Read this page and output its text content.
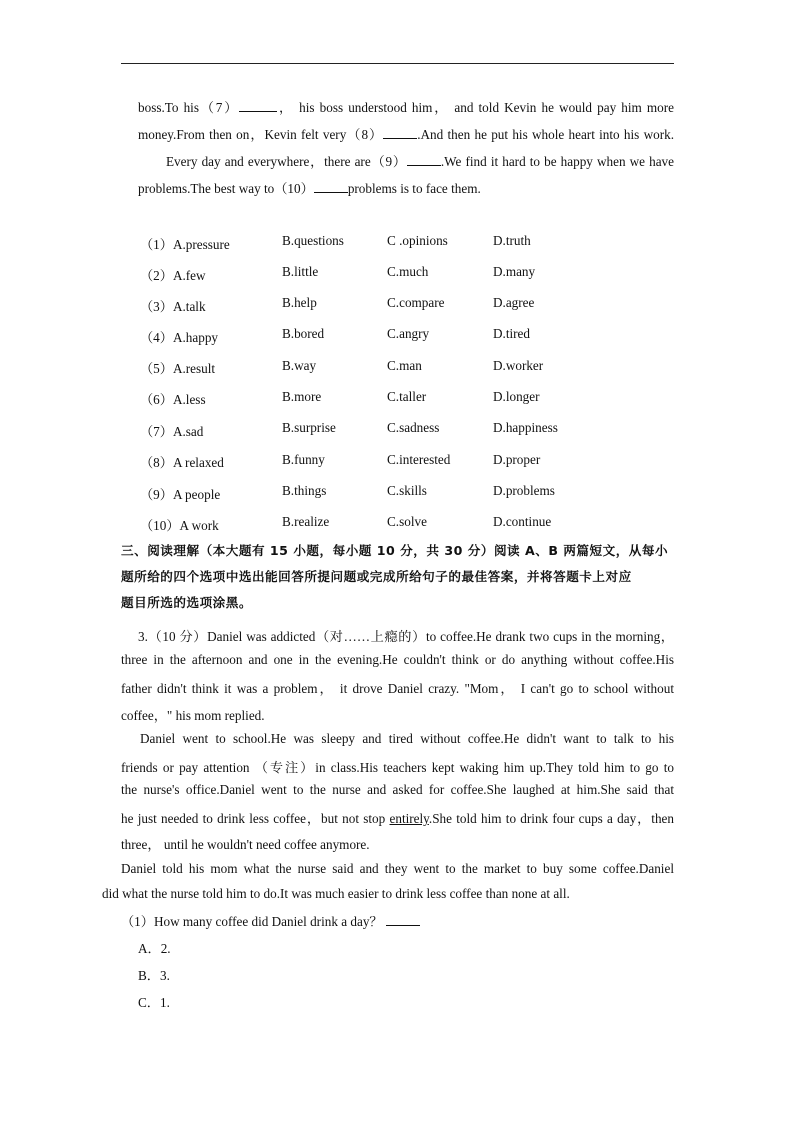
boss.To his（7）	， his boss understood him， and told Kevin he would pay him more
money.From then on，Kevin felt very（8）	.And then he put his whole heart into his work.
Every day and everywhere，there are（9）	.We find it hard to be happy when we have
problems.The best way to（10）	problems is to face them.
（1）A.pressure	B.questions	C .opinions	D.truth
（2）A.few	B.little	C.much	D.many
（3）A.talk	B.help	C.compare	D.agree
（4）A.happy	B.bored	C.angry	D.tired
（5）A.result	B.way	C.man	D.worker
（6）A.less	B.more	C.taller	D.longer
（7）A.sad	B.surprise	C.sadness	D.happiness
（8）A relaxed	B.funny	C.interested	D.proper
（9）A people	B.things	C.skills	D.problems
（10）A work	B.realize	C.solve	D.continue
三、阅读理解（本大题有 15 小题，每小题 10 分，共 30 分）阅读 A、B 两篇短文，从每小
题所给的四个选项中选出能回答所提问题或完成所给句子的最佳答案，并将答题卡上对应
题目所选的选项涂黑。
3.（10 分）Daniel was addicted（对……上瘾的）to coffee.He drank two cups in the morning，
three in the afternoon and one in the evening.He couldn't think or do anything without coffee.His
father didn't think it was a problem， it drove Daniel crazy. "Mom， I can't go to school without
coffee，" his mom replied.
Daniel went to school.He was sleepy and tired without coffee.He didn't want to talk to his
friends or pay attention （专注）in class.His teachers kept waking him up.They told him to go to
the nurse's office.Daniel went to the nurse and asked for coffee.She laughed at him.She said that
he just needed to drink less coffee，but not stop entirely.She told him to drink four cups a day，then
three， until he wouldn't need coffee anymore.
Daniel told his mom what the nurse said and they went to the market to buy some coffee.Daniel
did what the nurse told him to do.It was much easier to drink less coffee than none at all.
（1）How many coffee did Daniel drink a day？
A．2.
B．3.
C．1.
